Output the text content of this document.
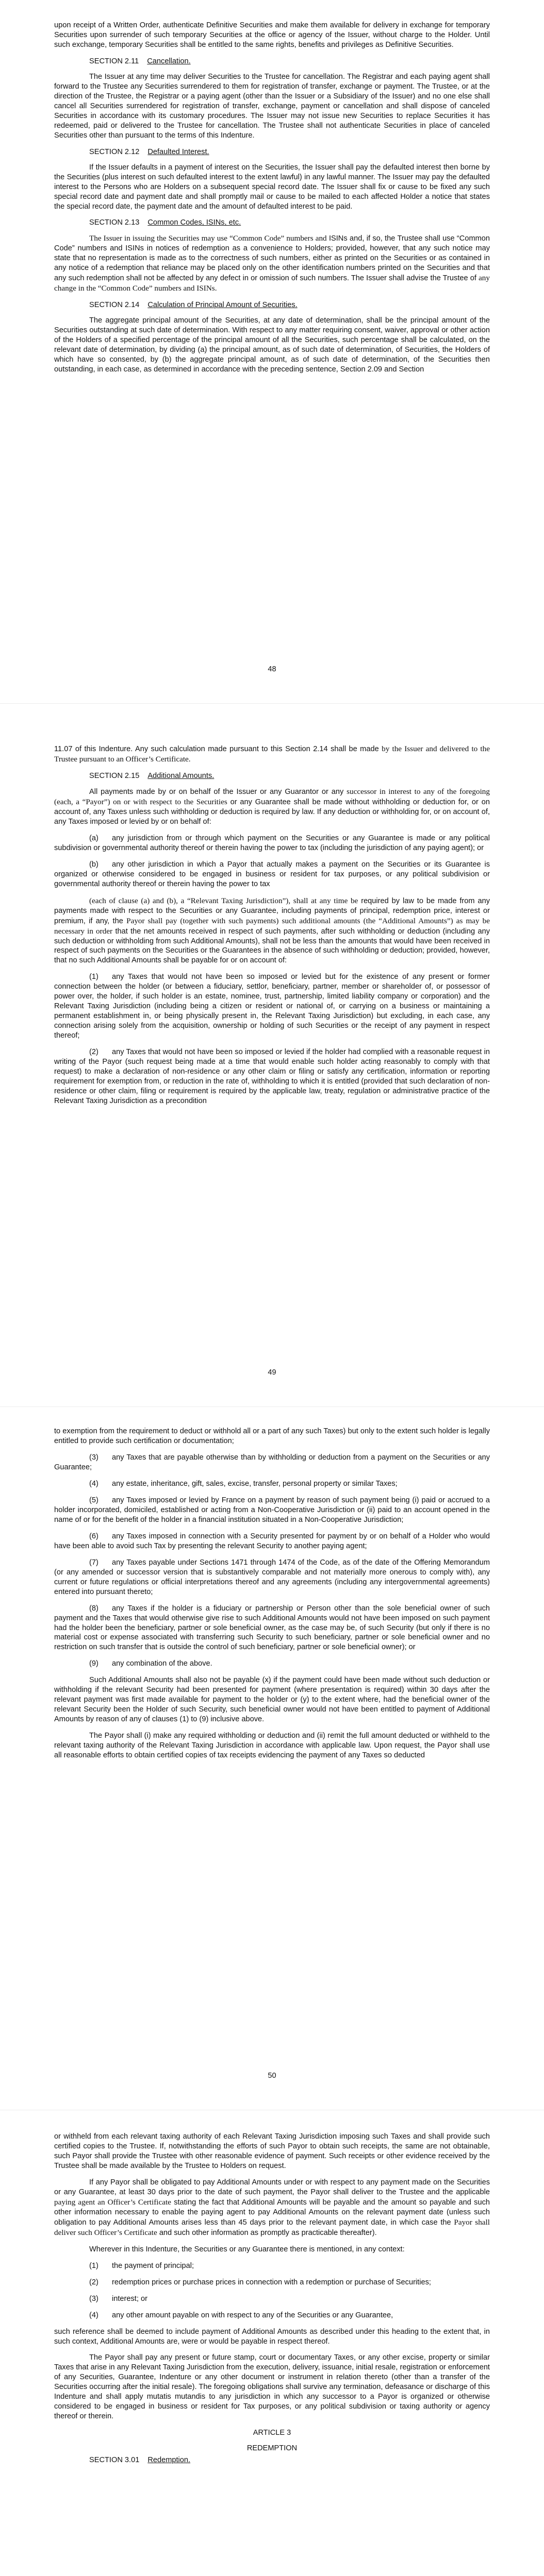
upon receipt of a Written Order, authenticate Definitive Securities and make them available for delivery in exchange for temporary Securities upon surrender of such temporary Securities at the office or agency of the Issuer, without charge to the Holder. Until such exchange, temporary Securities shall be entitled to the same rights, benefits and privileges as Definitive Securities.

SECTION 2.11 Cancellation.

The Issuer at any time may deliver Securities to the Trustee for cancellation. The Registrar and each paying agent shall forward to the Trustee any Securities surrendered to them for registration of transfer, exchange or payment. The Trustee, or at the direction of the Trustee, the Registrar or a paying agent (other than the Issuer or a Subsidiary of the Issuer) and no one else shall cancel all Securities surrendered for registration of transfer, exchange, payment or cancellation and shall dispose of canceled Securities in accordance with its customary procedures. The Issuer may not issue new Securities to replace Securities it has redeemed, paid or delivered to the Trustee for cancellation. The Trustee shall not authenticate Securities in place of canceled Securities other than pursuant to the terms of this Indenture.

SECTION 2.12 Defaulted Interest.

If the Issuer defaults in a payment of interest on the Securities, the Issuer shall pay the defaulted interest then borne by the Securities (plus interest on such defaulted interest to the extent lawful) in any lawful manner. The Issuer may pay the defaulted interest to the Persons who are Holders on a subsequent special record date. The Issuer shall fix or cause to be fixed any such special record date and payment date and shall promptly mail or cause to be mailed to each affected Holder a notice that states the special record date, the payment date and the amount of defaulted interest to be paid.

SECTION 2.13 Common Codes, ISINs, etc.

The Issuer in issuing the Securities may use “Common Code” numbers and ISINs and, if so, the Trustee shall use “Common Code” numbers and ISINs in notices of redemption as a convenience to Holders; provided, however, that any such notice may state that no representation is made as to the correctness of such numbers, either as printed on the Securities or as contained in any notice of a redemption that reliance may be placed only on the other identification numbers printed on the Securities and that any such redemption shall not be affected by any defect in or omission of such numbers. The Issuer shall advise the Trustee of any change in the “Common Code” numbers and ISINs.

SECTION 2.14 Calculation of Principal Amount of Securities.

The aggregate principal amount of the Securities, at any date of determination, shall be the principal amount of the Securities outstanding at such date of determination. With respect to any matter requiring consent, waiver, approval or other action of the Holders of a specified percentage of the principal amount of all the Securities, such percentage shall be calculated, on the relevant date of determination, by dividing (a) the principal amount, as of such date of determination, of Securities, the Holders of which have so consented, by (b) the aggregate principal amount, as of such date of determination, of the Securities then outstanding, in each case, as determined in accordance with the preceding sentence, Section 2.09 and Section

48

11.07 of this Indenture. Any such calculation made pursuant to this Section 2.14 shall be made by the Issuer and delivered to the Trustee pursuant to an Officer’s Certificate.

SECTION 2.15 Additional Amounts.

All payments made by or on behalf of the Issuer or any Guarantor or any successor in interest to any of the foregoing (each, a “Payor”) on or with respect to the Securities or any Guarantee shall be made without withholding or deduction for, or on account of, any Taxes unless such withholding or deduction is required by law. If any deduction or withholding for, or on account of, any Taxes imposed or levied by or on behalf of:

(a) any jurisdiction from or through which payment on the Securities or any Guarantee is made or any political subdivision or governmental authority thereof or therein having the power to tax (including the jurisdiction of any paying agent); or

(b) any other jurisdiction in which a Payor that actually makes a payment on the Securities or its Guarantee is organized or otherwise considered to be engaged in business or resident for tax purposes, or any political subdivision or governmental authority thereof or therein having the power to tax

(each of clause (a) and (b), a “Relevant Taxing Jurisdiction”), shall at any time be required by law to be made from any payments made with respect to the Securities or any Guarantee, including payments of principal, redemption price, interest or premium, if any, the Payor shall pay (together with such payments) such additional amounts (the “Additional Amounts”) as may be necessary in order that the net amounts received in respect of such payments, after such withholding or deduction (including any such deduction or withholding from such Additional Amounts), shall not be less than the amounts that would have been received in respect of such payments on the Securities or the Guarantees in the absence of such withholding or deduction; provided, however, that no such Additional Amounts shall be payable for or on account of:

(1) any Taxes that would not have been so imposed or levied but for the existence of any present or former connection between the holder (or between a fiduciary, settlor, beneficiary, partner, member or shareholder of, or possessor of power over, the holder, if such holder is an estate, nominee, trust, partnership, limited liability company or corporation) and the Relevant Taxing Jurisdiction (including being a citizen or resident or national of, or carrying on a business or maintaining a permanent establishment in, or being physically present in, the Relevant Taxing Jurisdiction) but excluding, in each case, any connection arising solely from the acquisition, ownership or holding of such Securities or the receipt of any payment in respect thereof;

(2) any Taxes that would not have been so imposed or levied if the holder had complied with a reasonable request in writing of the Payor (such request being made at a time that would enable such holder acting reasonably to comply with that request) to make a declaration of non-residence or any other claim or filing or satisfy any certification, information or reporting requirement for exemption from, or reduction in the rate of, withholding to which it is entitled (provided that such declaration of non-residence or other claim, filing or requirement is required by the applicable law, treaty, regulation or administrative practice of the Relevant Taxing Jurisdiction as a precondition

49

to exemption from the requirement to deduct or withhold all or a part of any such Taxes) but only to the extent such holder is legally entitled to provide such certification or documentation;

(3) any Taxes that are payable otherwise than by withholding or deduction from a payment on the Securities or any Guarantee;

(4) any estate, inheritance, gift, sales, excise, transfer, personal property or similar Taxes;

(5) any Taxes imposed or levied by France on a payment by reason of such payment being (i) paid or accrued to a holder incorporated, domiciled, established or acting from a Non-Cooperative Jurisdiction or (ii) paid to an account opened in the name of or for the benefit of the holder in a financial institution situated in a Non-Cooperative Jurisdiction;

(6) any Taxes imposed in connection with a Security presented for payment by or on behalf of a Holder who would have been able to avoid such Tax by presenting the relevant Security to another paying agent;

(7) any Taxes payable under Sections 1471 through 1474 of the Code, as of the date of the Offering Memorandum (or any amended or successor version that is substantively comparable and not materially more onerous to comply with), any current or future regulations or official interpretations thereof and any agreements (including any intergovernmental agreements) entered into pursuant thereto;

(8) any Taxes if the holder is a fiduciary or partnership or Person other than the sole beneficial owner of such payment and the Taxes that would otherwise give rise to such Additional Amounts would not have been imposed on such payment had the holder been the beneficiary, partner or sole beneficial owner, as the case may be, of such Security (but only if there is no material cost or expense associated with transferring such Security to such beneficiary, partner or sole beneficial owner and no restriction on such transfer that is outside the control of such beneficiary, partner or sole beneficial owner); or

(9) any combination of the above.

Such Additional Amounts shall also not be payable (x) if the payment could have been made without such deduction or withholding if the relevant Security had been presented for payment (where presentation is required) within 30 days after the relevant payment was first made available for payment to the holder or (y) to the extent where, had the beneficial owner of the relevant Security been the Holder of such Security, such beneficial owner would not have been entitled to payment of Additional Amounts by reason of any of clauses (1) to (9) inclusive above.

The Payor shall (i) make any required withholding or deduction and (ii) remit the full amount deducted or withheld to the relevant taxing authority of the Relevant Taxing Jurisdiction in accordance with applicable law. Upon request, the Payor shall use all reasonable efforts to obtain certified copies of tax receipts evidencing the payment of any Taxes so deducted

50

or withheld from each relevant taxing authority of each Relevant Taxing Jurisdiction imposing such Taxes and shall provide such certified copies to the Trustee. If, notwithstanding the efforts of such Payor to obtain such receipts, the same are not obtainable, such Payor shall provide the Trustee with other reasonable evidence of payment. Such receipts or other evidence received by the Trustee shall be made available by the Trustee to Holders on request.

If any Payor shall be obligated to pay Additional Amounts under or with respect to any payment made on the Securities or any Guarantee, at least 30 days prior to the date of such payment, the Payor shall deliver to the Trustee and the applicable paying agent an Officer’s Certificate stating the fact that Additional Amounts will be payable and the amount so payable and such other information necessary to enable the paying agent to pay Additional Amounts on the relevant payment date (unless such obligation to pay Additional Amounts arises less than 45 days prior to the relevant payment date, in which case the Payor shall deliver such Officer’s Certificate and such other information as promptly as practicable thereafter).

Wherever in this Indenture, the Securities or any Guarantee there is mentioned, in any context:

(1) the payment of principal;

(2) redemption prices or purchase prices in connection with a redemption or purchase of Securities;

(3) interest; or

(4) any other amount payable on with respect to any of the Securities or any Guarantee,

such reference shall be deemed to include payment of Additional Amounts as described under this heading to the extent that, in such context, Additional Amounts are, were or would be payable in respect thereof.

The Payor shall pay any present or future stamp, court or documentary Taxes, or any other excise, property or similar Taxes that arise in any Relevant Taxing Jurisdiction from the execution, delivery, issuance, initial resale, registration or enforcement of any Securities, Guarantee, Indenture or any other document or instrument in relation thereto (other than a transfer of the Securities occurring after the initial resale). The foregoing obligations shall survive any termination, defeasance or discharge of this Indenture and shall apply mutatis mutandis to any jurisdiction in which any successor to a Payor is organized or otherwise considered to be engaged in business or resident for Tax purposes, or any political subdivision or taxing authority or agency thereof or therein.

ARTICLE 3
REDEMPTION
SECTION 3.01 Redemption.
